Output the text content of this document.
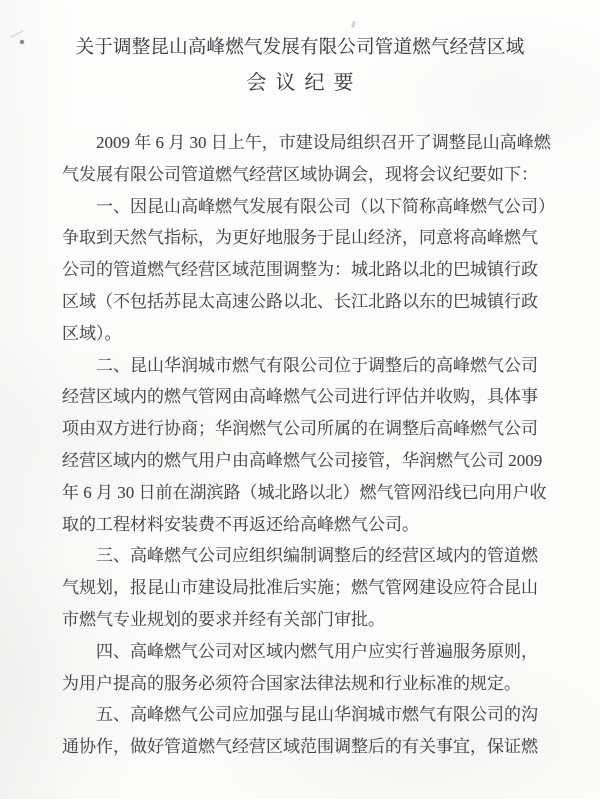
关于调整昆山高峰燃气发展有限公司管道燃气经营区域
会 议 纪 要
2009 年 6 月 30 日上午，市建设局组织召开了调整昆山高峰燃
气发展有限公司管道燃气经营区域协调会，现将会议纪要如下：
一、因昆山高峰燃气发展有限公司（以下简称高峰燃气公司）
争取到天然气指标，为更好地服务于昆山经济，同意将高峰燃气
公司的管道燃气经营区域范围调整为：城北路以北的巴城镇行政
区域（不包括苏昆太高速公路以北、长江北路以东的巴城镇行政
区域）。
二、昆山华润城市燃气有限公司位于调整后的高峰燃气公司
经营区域内的燃气管网由高峰燃气公司进行评估并收购，具体事
项由双方进行协商；华润燃气公司所属的在调整后高峰燃气公司
经营区域内的燃气用户由高峰燃气公司接管，华润燃气公司 2009
年 6 月 30 日前在湖滨路（城北路以北）燃气管网沿线已向用户收
取的工程材料安装费不再返还给高峰燃气公司。
三、高峰燃气公司应组织编制调整后的经营区域内的管道燃
气规划，报昆山市建设局批准后实施；燃气管网建设应符合昆山
市燃气专业规划的要求并经有关部门审批。
四、高峰燃气公司对区域内燃气用户应实行普遍服务原则，
为用户提高的服务必须符合国家法律法规和行业标准的规定。
五、高峰燃气公司应加强与昆山华润城市燃气有限公司的沟
通协作，做好管道燃气经营区域范围调整后的有关事宜，保证燃
